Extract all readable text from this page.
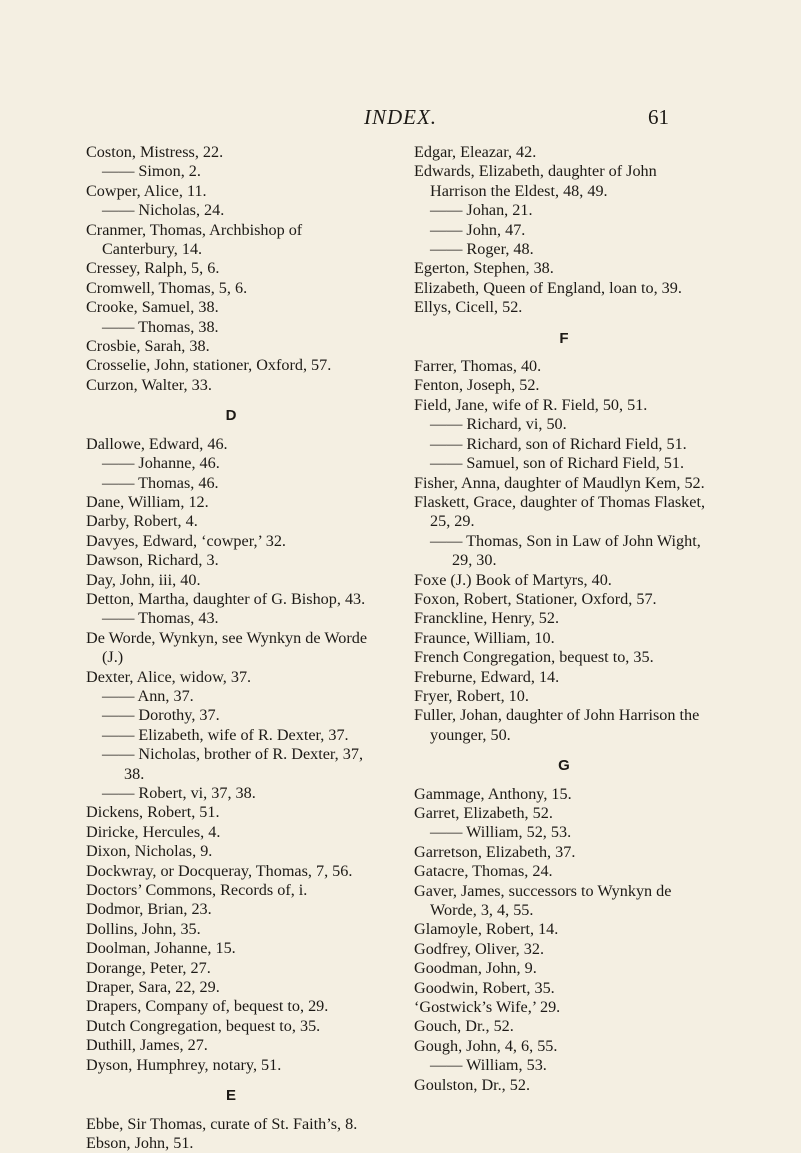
INDEX.	61
Coston, Mistress, 22.
—— Simon, 2.
Cowper, Alice, 11.
—— Nicholas, 24.
Cranmer, Thomas, Archbishop of Canterbury, 14.
Cressey, Ralph, 5, 6.
Cromwell, Thomas, 5, 6.
Crooke, Samuel, 38.
—— Thomas, 38.
Crosbie, Sarah, 38.
Crosselie, John, stationer, Oxford, 57.
Curzon, Walter, 33.
D
Dallowe, Edward, 46.
—— Johanne, 46.
—— Thomas, 46.
Dane, William, 12.
Darby, Robert, 4.
Davyes, Edward, ‘cowper,’ 32.
Dawson, Richard, 3.
Day, John, iii, 40.
Detton, Martha, daughter of G. Bishop, 43.
—— Thomas, 43.
De Worde, Wynkyn, see Wynkyn de Worde (J.)
Dexter, Alice, widow, 37.
—— Ann, 37.
—— Dorothy, 37.
—— Elizabeth, wife of R. Dexter, 37.
—— Nicholas, brother of R. Dexter, 37, 38.
—— Robert, vi, 37, 38.
Dickens, Robert, 51.
Diricke, Hercules, 4.
Dixon, Nicholas, 9.
Dockwray, or Docqueray, Thomas, 7, 56.
Doctors’ Commons, Records of, i.
Dodmor, Brian, 23.
Dollins, John, 35.
Doolman, Johanne, 15.
Dorange, Peter, 27.
Draper, Sara, 22, 29.
Drapers, Company of, bequest to, 29.
Dutch Congregation, bequest to, 35.
Duthill, James, 27.
Dyson, Humphrey, notary, 51.
E
Ebbe, Sir Thomas, curate of St. Faith’s, 8.
Ebson, John, 51.
Edgar, Eleazar, 42.
Edwards, Elizabeth, daughter of John Harrison the Eldest, 48, 49.
—— Johan, 21.
—— John, 47.
—— Roger, 48.
Egerton, Stephen, 38.
Elizabeth, Queen of England, loan to, 39.
Ellys, Cicell, 52.
F
Farrer, Thomas, 40.
Fenton, Joseph, 52.
Field, Jane, wife of R. Field, 50, 51.
—— Richard, vi, 50.
—— Richard, son of Richard Field, 51.
—— Samuel, son of Richard Field, 51.
Fisher, Anna, daughter of Maudlyn Kem, 52.
Flaskett, Grace, daughter of Thomas Flasket, 25, 29.
—— Thomas, Son in Law of John Wight, 29, 30.
Foxe (J.) Book of Martyrs, 40.
Foxon, Robert, Stationer, Oxford, 57.
Franckline, Henry, 52.
Fraunce, William, 10.
French Congregation, bequest to, 35.
Freburne, Edward, 14.
Fryer, Robert, 10.
Fuller, Johan, daughter of John Harrison the younger, 50.
G
Gammage, Anthony, 15.
Garret, Elizabeth, 52.
—— William, 52, 53.
Garretson, Elizabeth, 37.
Gatacre, Thomas, 24.
Gaver, James, successors to Wynkyn de Worde, 3, 4, 55.
Glamoyle, Robert, 14.
Godfrey, Oliver, 32.
Goodman, John, 9.
Goodwin, Robert, 35.
‘Gostwick’s Wife,’ 29.
Gouch, Dr., 52.
Gough, John, 4, 6, 55.
—— William, 53.
Goulston, Dr., 52.
